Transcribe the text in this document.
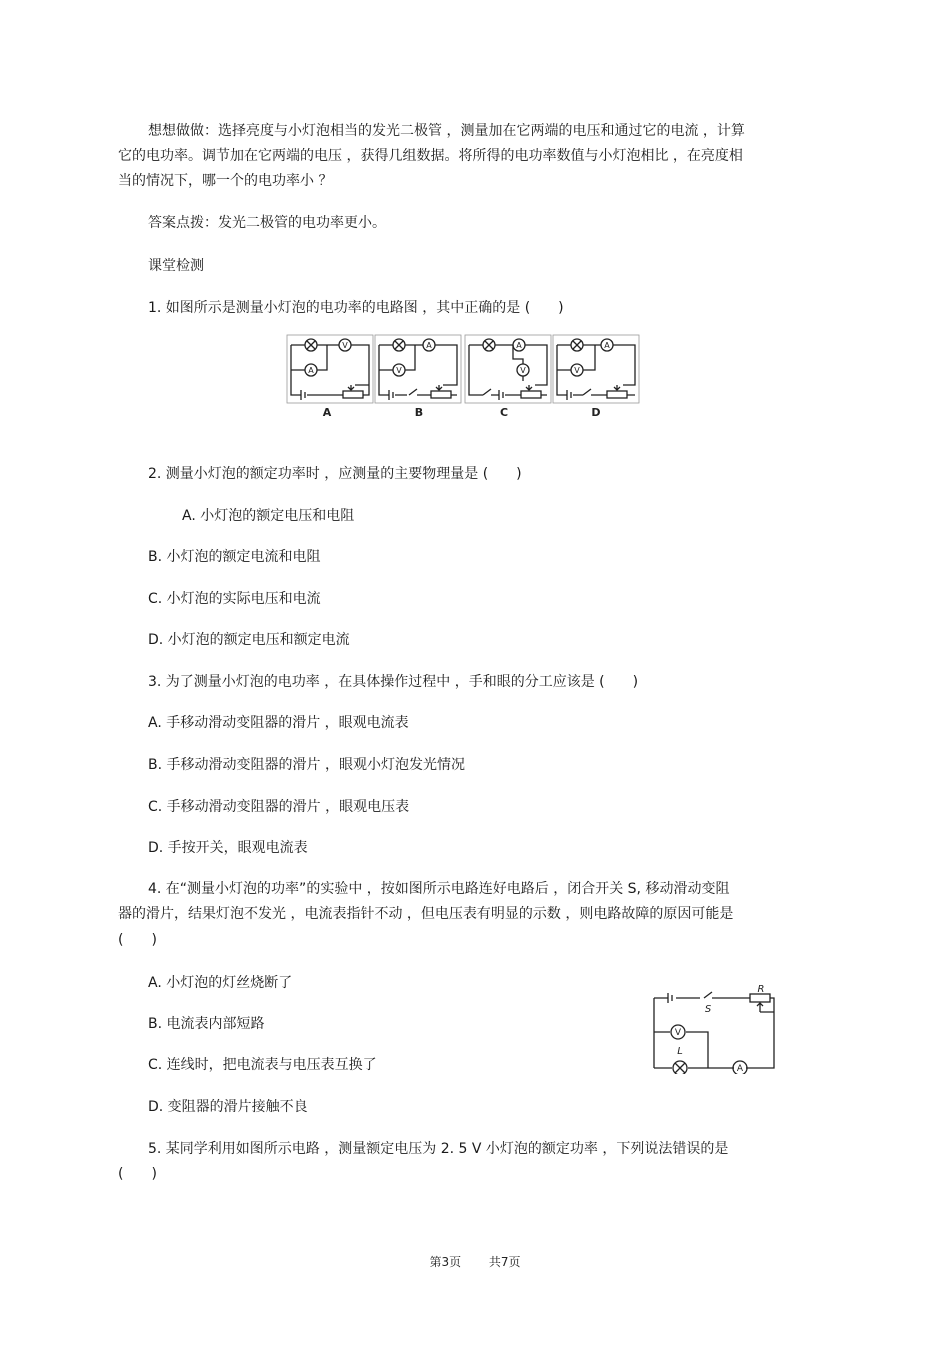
想想做做：选择亮度与小灯泡相当的发光二极管 ，测量加在它两端的电压和通过它的电流 ，计算
它的电功率。调节加在它两端的电压 ，获得几组数据。将所得的电功率数值与小灯泡相比 ，在亮度相
当的情况下，哪一个的电功率小 ？
答案点拨：发光二极管的电功率更小。
课堂检测
1. 如图所示是测量小灯泡的电功率的电路图 ，其中正确的是 (　　)
V
A
A
V
A
V
A
V
A	B	C	D
2. 测量小灯泡的额定功率时 ，应测量的主要物理量是 (　　)
A. 小灯泡的额定电压和电阻
B. 小灯泡的额定电流和电阻
C. 小灯泡的实际电压和电流
D. 小灯泡的额定电压和额定电流
3. 为了测量小灯泡的电功率 ，在具体操作过程中 ，手和眼的分工应该是 (　　)
A. 手移动滑动变阻器的滑片 ，眼观电流表
B. 手移动滑动变阻器的滑片 ，眼观小灯泡发光情况
C. 手移动滑动变阻器的滑片 ，眼观电压表
D. 手按开关，眼观电流表
4. 在“测量小灯泡的功率”的实验中 ，按如图所示电路连好电路后 ，闭合开关 S, 移动滑动变阻
器的滑片，结果灯泡不发光 ，电流表指针不动 ，但电压表有明显的示数 ，则电路故障的原因可能是
(　　)
A. 小灯泡的灯丝烧断了
B. 电流表内部短路
C. 连线时，把电流表与电压表互换了
D. 变阻器的滑片接触不良
V
A
R
S
L
5. 某同学利用如图所示电路 ，测量额定电压为 2. 5 V 小灯泡的额定功率 ，下列说法错误的是
(　　)
第3页 共7页
